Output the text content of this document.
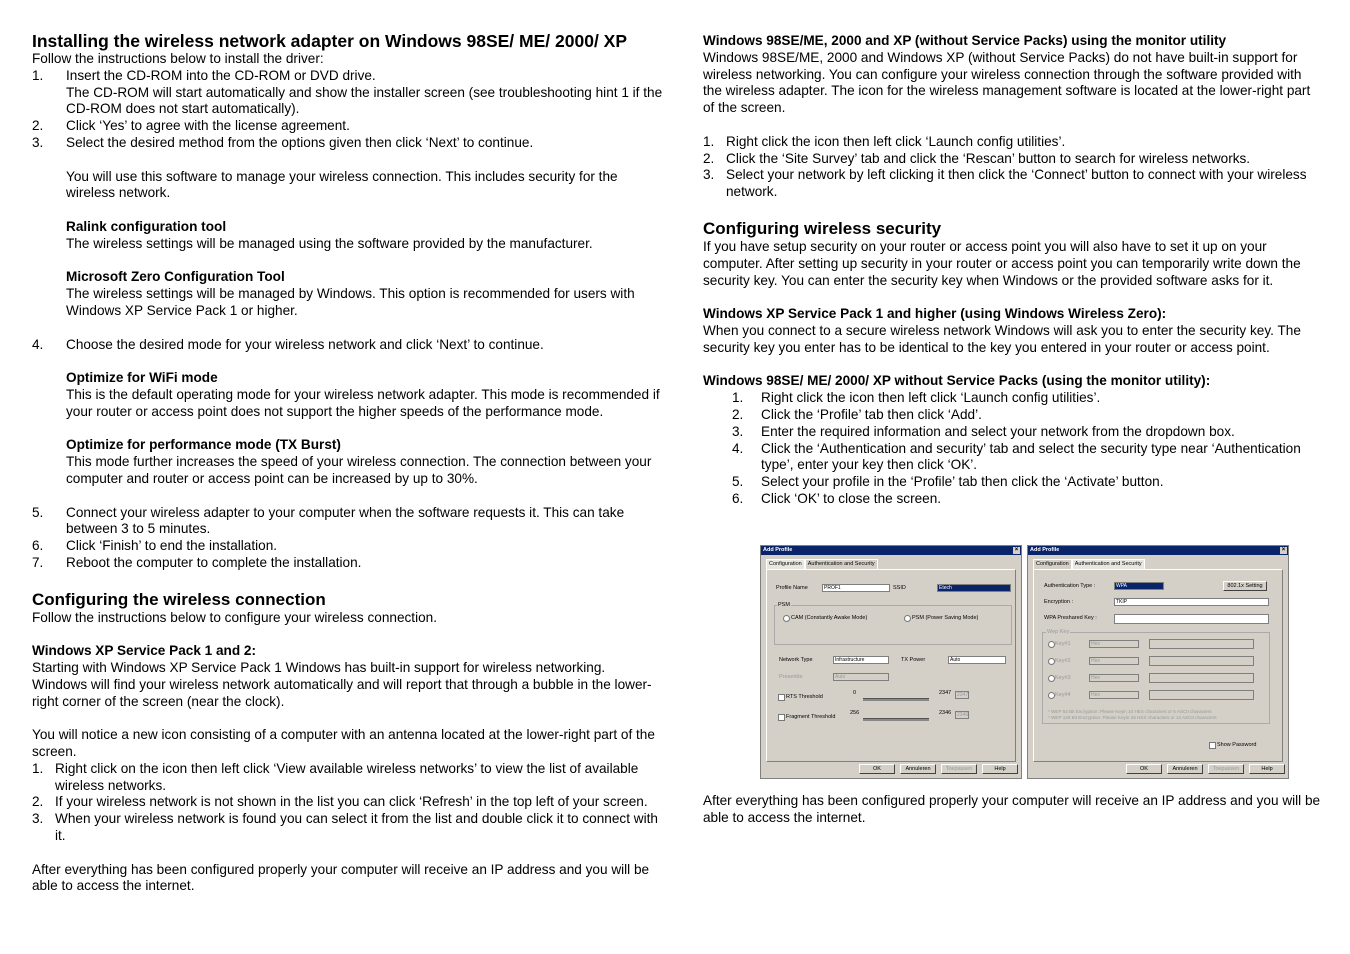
Installing the wireless network adapter on Windows 98SE/ ME/ 2000/ XP

Follow the instructions below to install the driver:

1. Insert the CD-ROM into the CD-ROM or DVD drive.
The CD-ROM will start automatically and show the installer screen (see troubleshooting hint 1 if the CD-ROM does not start automatically).
2. Click ‘Yes’ to agree with the license agreement.
3. Select the desired method from the options given then click ‘Next’ to continue.

You will use this software to manage your wireless connection. This includes security for the wireless network.

Ralink configuration tool

The wireless settings will be managed using the software provided by the manufacturer.

Microsoft Zero Configuration Tool

The wireless settings will be managed by Windows. This option is recommended for users with Windows XP Service Pack 1 or higher.

4. Choose the desired mode for your wireless network and click ‘Next’ to continue.
Optimize for WiFi mode

This is the default operating mode for your wireless network adapter. This mode is recommended if your router or access point does not support the higher speeds of the performance mode.

Optimize for performance mode (TX Burst)

This mode further increases the speed of your wireless connection. The connection between your computer and router or access point can be increased by up to 30%.

5. Connect your wireless adapter to your computer when the software requests it. This can take between 3 to 5 minutes.
6. Click ‘Finish’ to end the installation.
7. Reboot the computer to complete the installation.
Configuring the wireless connection

Follow the instructions below to configure your wireless connection.

Windows XP Service Pack 1 and 2:

Starting with Windows XP Service Pack 1 Windows has built-in support for wireless networking. Windows will find your wireless network automatically and will report that through a bubble in the lower-right corner of the screen (near the clock).

You will notice a new icon consisting of a computer with an antenna located at the lower-right part of the screen.

1. Right click on the icon then left click ‘View available wireless networks’ to view the list of available wireless networks.
2. If your wireless network is not shown in the list you can click ‘Refresh’ in the top left of your screen.
3. When your wireless network is found you can select it from the list and double click it to connect with it.

After everything has been configured properly your computer will receive an IP address and you will be able to access the internet.

Windows 98SE/ME, 2000 and XP (without Service Packs) using the monitor utility

Windows 98SE/ME, 2000 and Windows XP (without Service Packs) do not have built-in support for wireless networking. You can configure your wireless connection through the software provided with the wireless adapter. The icon for the wireless management software is located at the lower-right part of the screen.

1. Right click the icon then left click ‘Launch config utilities’.
2. Click the ‘Site Survey’ tab and click the ‘Rescan’ button to search for wireless networks.
3. Select your network by left clicking it then click the ‘Connect’ button to connect with your wireless network.
Configuring wireless security

If you have setup security on your router or access point you will also have to set it up on your computer. After setting up security in your router or access point you can temporarily write down the security key. You can enter the security key when Windows or the provided software asks for it.

Windows XP Service Pack 1 and higher (using Windows Wireless Zero):

When you connect to a secure wireless network Windows will ask you to enter the security key. The security key you enter has to be identical to the key you entered in your router or access point.

Windows 98SE/ ME/ 2000/ XP without Service Packs (using the monitor utility):
1. Right click the icon then left click ‘Launch config utilities’.
2. Click the ‘Profile’ tab then click ‘Add’.
3. Enter the required information and select your network from the dropdown box.
4. Click the ‘Authentication and security’ tab and select the security type near ‘Authentication type’, enter your key then click ‘OK’.
5. Select your profile in the ‘Profile’ tab then click the ‘Activate’ button.
6. Click ‘OK’ to close the screen.
Add Profile	×
Configuration Authentication and Security
Profile Name	PROF1	SSID	Etech
PSM
CAM (Constantly Awake Mode)	PSM (Power Saving Mode)
Network Type	Infrastructure	TX Power	Auto
Preamble	Auto
RTS Threshold
0	2347	2347
Fragment Threshold
256	2346	2346
OK	Annuleren	Toepassen	Help
Add Profile	×
Configuration Authentication and Security
Authentication Type :	WPA	802.1x Setting
Encryption :	TKIP
WPA Preshared Key :
Wep Key
Key#1	Hex
Key#2	Hex
Key#3	Hex
Key#4	Hex
* WEP 64 Bit Encryption: Please Keyin 10 HEX characters or 5 ASCII characters
* WEP 128 Bit Encryption: Please Keyin 26 HEX characters or 13 ASCII characters
Show Password
OK	Annuleren	Toepassen	Help

After everything has been configured properly your computer will receive an IP address and you will be able to access the internet.
